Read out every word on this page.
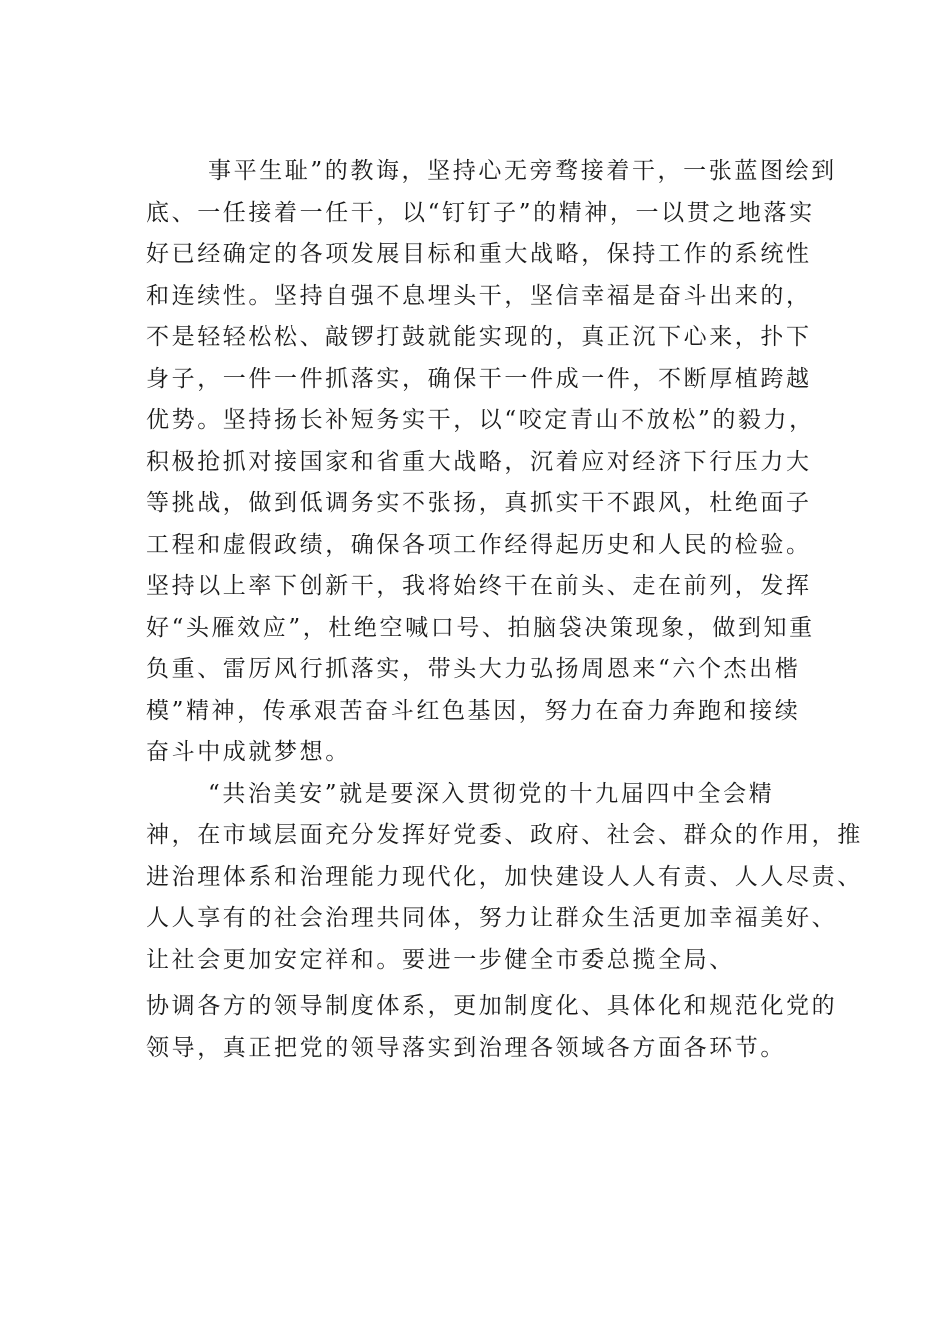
事平生耻”的教诲，坚持心无旁骛接着干，一张蓝图绘到
底、一任接着一任干，以“钉钉子”的精神，一以贯之地落实
好已经确定的各项发展目标和重大战略，保持工作的系统性
和连续性。坚持自强不息埋头干，坚信幸福是奋斗出来的，
不是轻轻松松、敲锣打鼓就能实现的，真正沉下心来，扑下
身子，一件一件抓落实，确保干一件成一件，不断厚植跨越
优势。坚持扬长补短务实干，以“咬定青山不放松”的毅力，
积极抢抓对接国家和省重大战略，沉着应对经济下行压力大
等挑战，做到低调务实不张扬，真抓实干不跟风，杜绝面子
工程和虚假政绩，确保各项工作经得起历史和人民的检验。
坚持以上率下创新干，我将始终干在前头、走在前列，发挥
好“头雁效应”，杜绝空喊口号、拍脑袋决策现象，做到知重
负重、雷厉风行抓落实，带头大力弘扬周恩来“六个杰出楷
模”精神，传承艰苦奋斗红色基因，努力在奋力奔跑和接续
奋斗中成就梦想。
“共治美安”就是要深入贯彻党的十九届四中全会精
神，在市域层面充分发挥好党委、政府、社会、群众的作用，推
进治理体系和治理能力现代化，加快建设人人有责、人人尽责、
人人享有的社会治理共同体，努力让群众生活更加幸福美好、
让社会更加安定祥和。要进一步健全市委总揽全局、
协调各方的领导制度体系，更加制度化、具体化和规范化党的
领导，真正把党的领导落实到治理各领域各方面各环节。
